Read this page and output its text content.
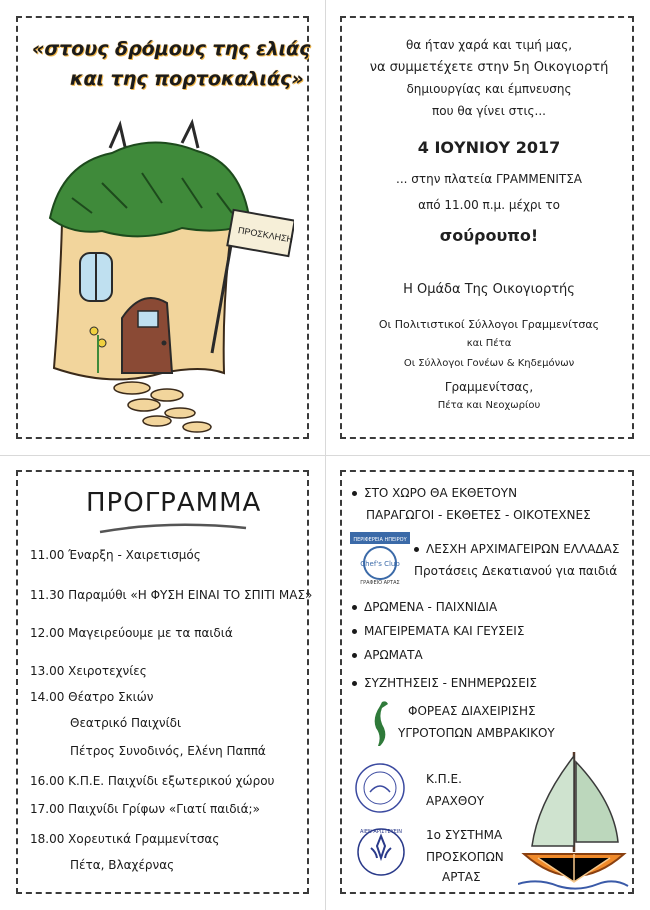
«στους δρόμους της ελιάς
και της πορτοκαλιάς»
ΠΡΟΣΚΛΗΣΗ
θα ήταν χαρά και τιμή μας,
να συμμετέχετε στην 5η Οικογιορτή
δημιουργίας και έμπνευσης
που θα γίνει στις...
4 ΙΟΥΝΙΟΥ 2017
... στην πλατεία ΓΡΑΜΜΕΝΙΤΣΑ
από 11.00 π.μ. μέχρι το
σούρουπο!
Η Ομάδα Της Οικογιορτής
Οι Πολιτιστικοί Σύλλογοι Γραμμενίτσας
και Πέτα
Οι Σύλλογοι Γονέων & Κηδεμόνων
Γραμμενίτσας,
Πέτα και Νεοχωρίου
ΠΡΟΓΡΑΜΜΑ
11.00 Έναρξη - Χαιρετισμός
11.30 Παραμύθι «Η ΦΥΣΗ ΕΙΝΑΙ ΤΟ ΣΠΙΤΙ ΜΑΣ»
12.00 Μαγειρεύουμε με τα παιδιά
13.00 Χειροτεχνίες
14.00 Θέατρο Σκιών
Θεατρικό Παιχνίδι
Πέτρος Συνοδινός, Ελένη Παππά
16.00 Κ.Π.Ε. Παιχνίδι εξωτερικού χώρου
17.00 Παιχνίδι Γρίφων «Γιατί παιδιά;»
18.00 Χορευτικά Γραμμενίτσας
Πέτα, Βλαχέρνας
ΣΤΟ ΧΩΡΟ ΘΑ ΕΚΘΕΤΟΥΝ
ΠΑΡΑΓΩΓΟΙ - ΕΚΘΕΤΕΣ - ΟΙΚΟΤΕΧΝΕΣ
ΠΕΡΙΦΕΡΕΙΑ ΗΠΕΙΡΟΥ
Chef's Club
ΓΡΑΦΕΙΟ ΑΡΤΑΣ
ΛΕΣΧΗ ΑΡΧΙΜΑΓΕΙΡΩΝ ΕΛΛΑΔΑΣ
Προτάσεις Δεκατιανού για παιδιά
ΔΡΩΜΕΝΑ - ΠΑΙΧΝΙΔΙΑ
ΜΑΓΕΙΡΕΜΑΤΑ ΚΑΙ ΓΕΥΣΕΙΣ
ΑΡΩΜΑΤΑ
ΣΥΖΗΤΗΣΕΙΣ - ΕΝΗΜΕΡΩΣΕΙΣ
ΦΟΡΕΑΣ ΔΙΑΧΕΙΡΙΣΗΣ
ΥΓΡΟΤΟΠΩΝ ΑΜΒΡΑΚΙΚΟΥ
Κ.Π.Ε.
ΑΡΑΧΘΟΥ
ΑΙΕΝ ΑΡΙΣΤΕΥΕΙΝ 1ο ΣΥΣΤΗΜΑ
ΠΡΟΣΚΟΠΩΝ
ΑΡΤΑΣ
